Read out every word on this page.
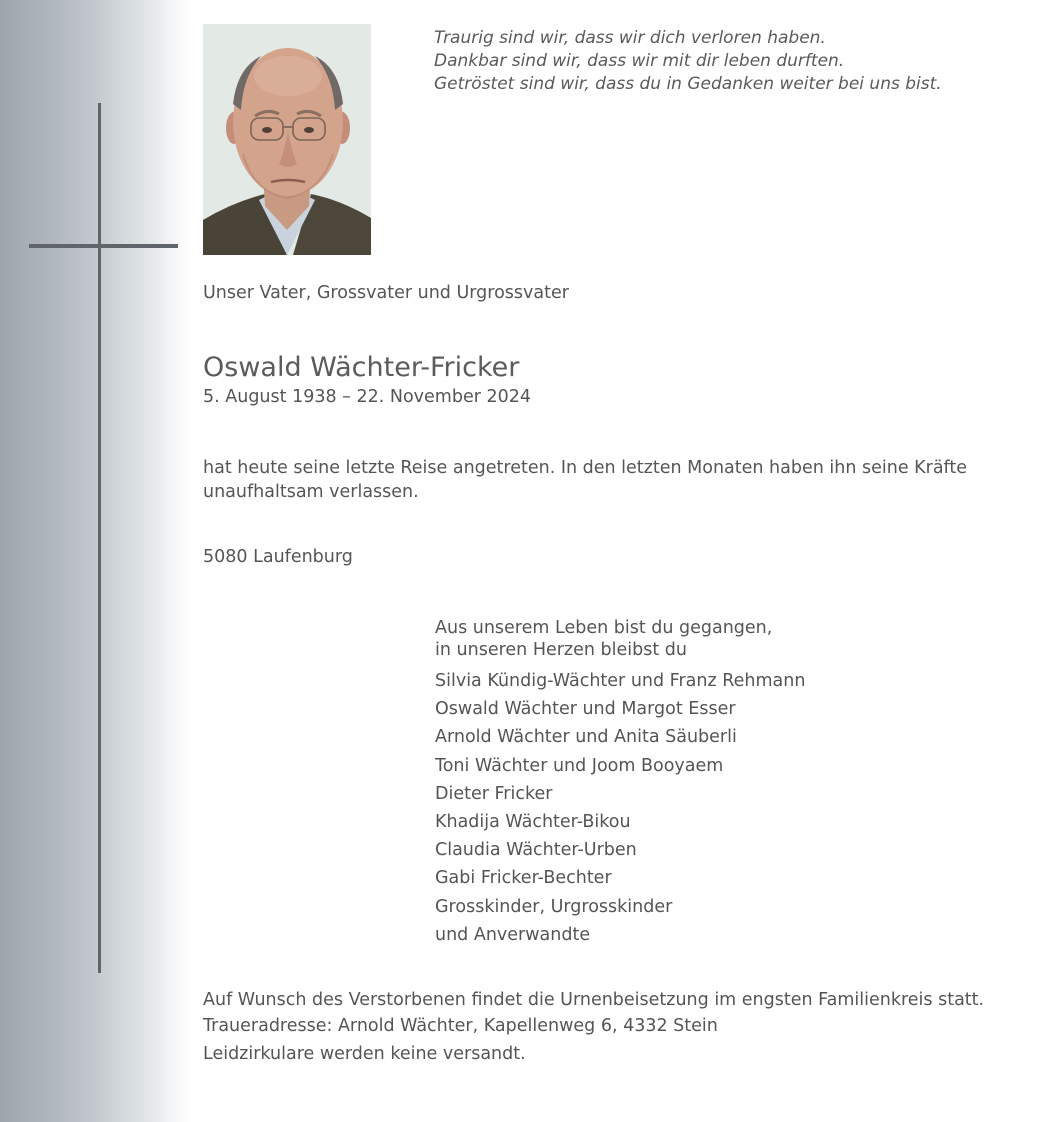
Traurig sind wir, dass wir dich verloren haben.
Dankbar sind wir, dass wir mit dir leben durften.
Getröstet sind wir, dass du in Gedanken weiter bei uns bist.
Unser Vater, Grossvater und Urgrossvater
Oswald Wächter-Fricker
5. August 1938 – 22. November 2024
hat heute seine letzte Reise angetreten. In den letzten Monaten haben ihn seine Kräfte unaufhaltsam verlassen.
5080 Laufenburg
Aus unserem Leben bist du gegangen,
in unseren Herzen bleibst du
Silvia Kündig-Wächter und Franz Rehmann
Oswald Wächter und Margot Esser
Arnold Wächter und Anita Säuberli
Toni Wächter und Joom Booyaem
Dieter Fricker
Khadija Wächter-Bikou
Claudia Wächter-Urben
Gabi Fricker-Bechter
Grosskinder, Urgrosskinder
und Anverwandte
Auf Wunsch des Verstorbenen findet die Urnenbeisetzung im engsten Familienkreis statt.
Traueradresse: Arnold Wächter, Kapellenweg 6, 4332 Stein
Leidzirkulare werden keine versandt.
